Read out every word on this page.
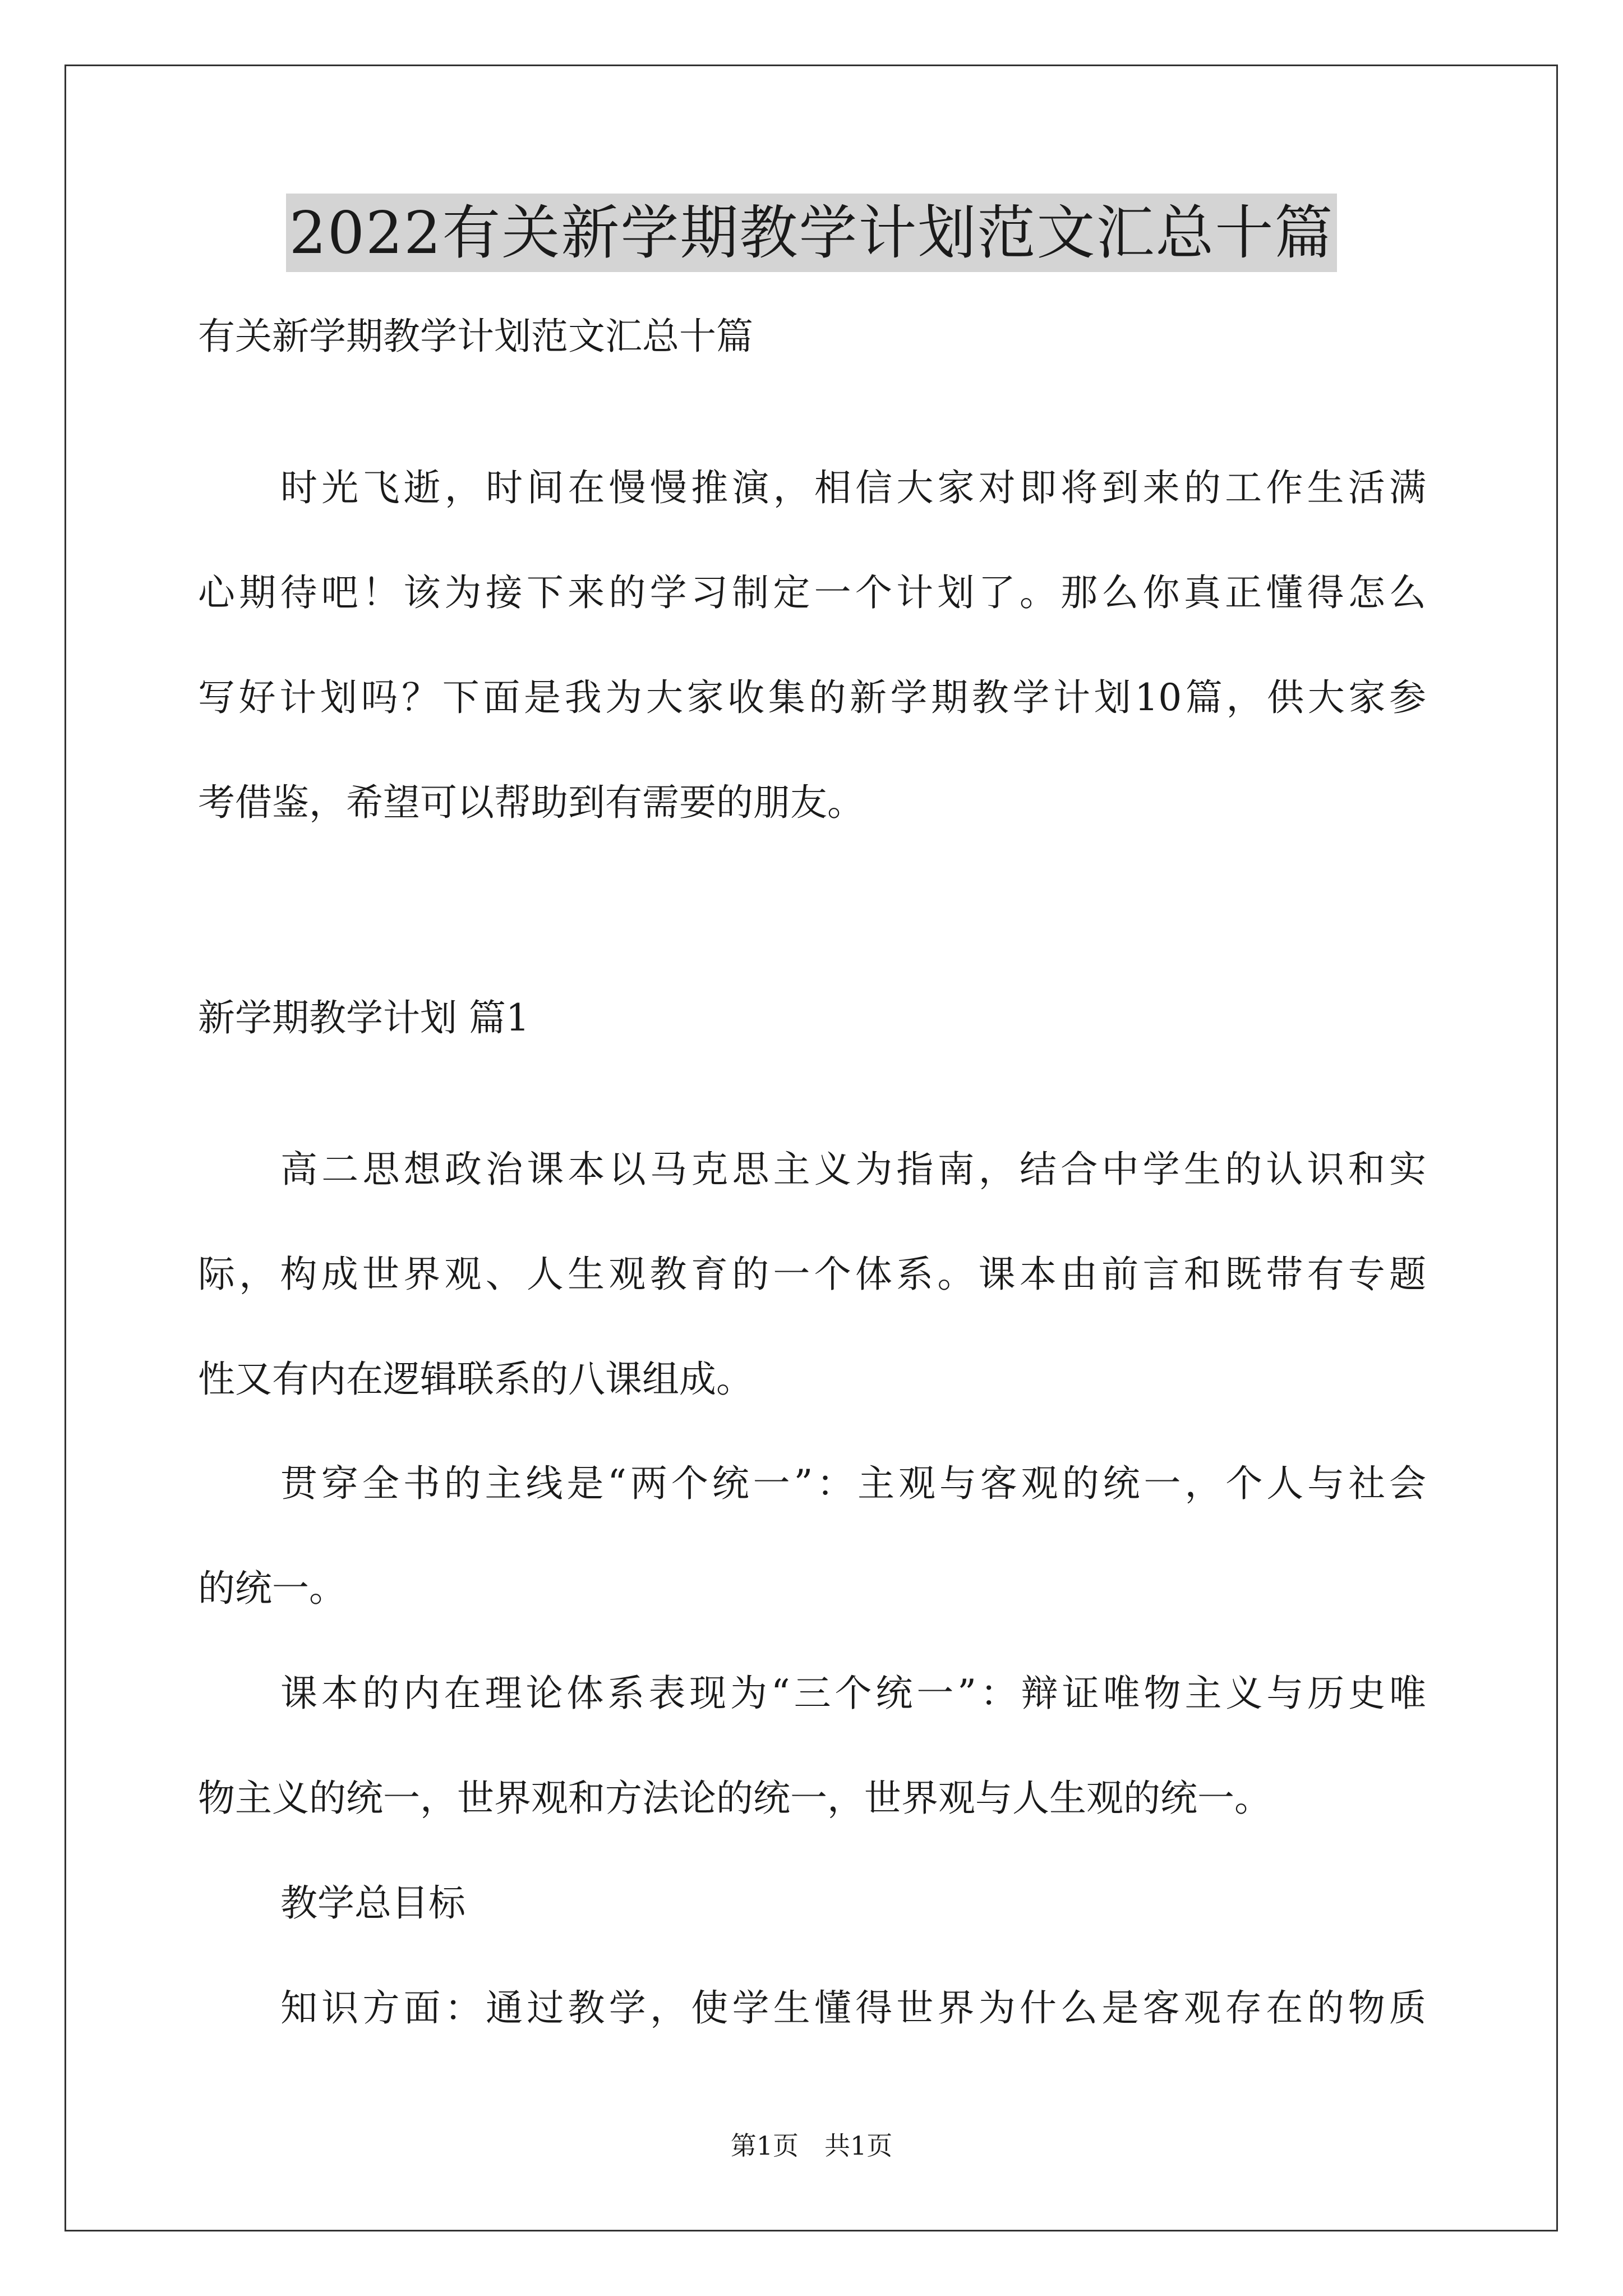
2022有关新学期教学计划范文汇总十篇
有关新学期教学计划范文汇总十篇
时光飞逝，时间在慢慢推演，相信大家对即将到来的工作生活满
心期待吧！该为接下来的学习制定一个计划了。那么你真正懂得怎么
写好计划吗？下面是我为大家收集的新学期教学计划10篇，供大家参
考借鉴，希望可以帮助到有需要的朋友。
新学期教学计划 篇1
高二思想政治课本以马克思主义为指南，结合中学生的认识和实
际，构成世界观、人生观教育的一个体系。课本由前言和既带有专题
性又有内在逻辑联系的八课组成。
贯穿全书的主线是“两个统一”：主观与客观的统一，个人与社会
的统一。
课本的内在理论体系表现为“三个统一”：辩证唯物主义与历史唯
物主义的统一，世界观和方法论的统一，世界观与人生观的统一。
教学总目标
知识方面：通过教学，使学生懂得世界为什么是客观存在的物质
第1页　共1页
